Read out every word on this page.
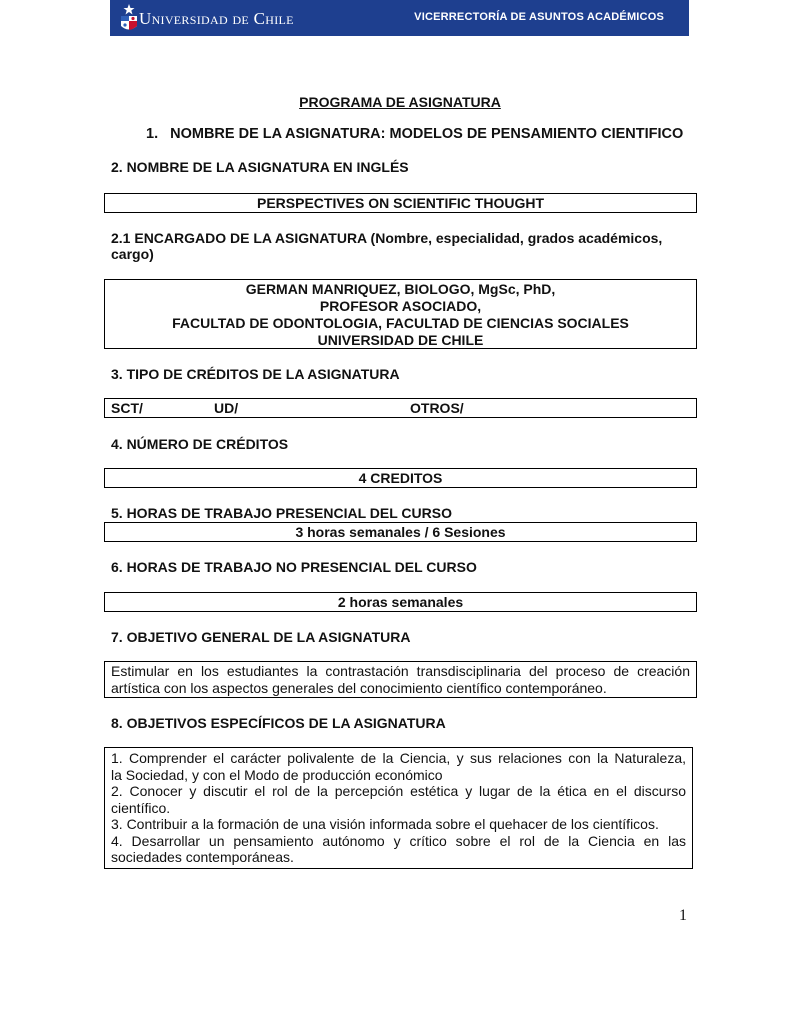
Universidad de Chile	VICERRECTORÍA DE ASUNTOS ACADÉMICOS
PROGRAMA DE ASIGNATURA
1. NOMBRE DE LA ASIGNATURA: MODELOS DE PENSAMIENTO CIENTIFICO
2. NOMBRE DE LA ASIGNATURA EN INGLÉS
PERSPECTIVES ON SCIENTIFIC THOUGHT
2.1 ENCARGADO DE LA ASIGNATURA (Nombre, especialidad, grados académicos,
cargo)
GERMAN MANRIQUEZ, BIOLOGO, MgSc, PhD,
PROFESOR ASOCIADO,
FACULTAD DE ODONTOLOGIA, FACULTAD DE CIENCIAS SOCIALES
UNIVERSIDAD DE CHILE
3. TIPO DE CRÉDITOS DE LA ASIGNATURA
SCT/	UD/	OTROS/
4. NÚMERO DE CRÉDITOS
4 CREDITOS
5. HORAS DE TRABAJO PRESENCIAL DEL CURSO
3 horas semanales / 6 Sesiones
6. HORAS DE TRABAJO NO PRESENCIAL DEL CURSO
2 horas semanales
7. OBJETIVO GENERAL DE LA ASIGNATURA
Estimular en los estudiantes la contrastación transdisciplinaria del proceso de creación
artística con los aspectos generales del conocimiento científico contemporáneo.
8. OBJETIVOS ESPECÍFICOS DE LA ASIGNATURA
1. Comprender el carácter polivalente de la Ciencia, y sus relaciones con la Naturaleza,
la Sociedad, y con el Modo de producción económico
2. Conocer y discutir el rol de la percepción estética y lugar de la ética en el discurso
científico.
3. Contribuir a la formación de una visión informada sobre el quehacer de los científicos.
4. Desarrollar un pensamiento autónomo y crítico sobre el rol de la Ciencia en las
sociedades contemporáneas.
1
